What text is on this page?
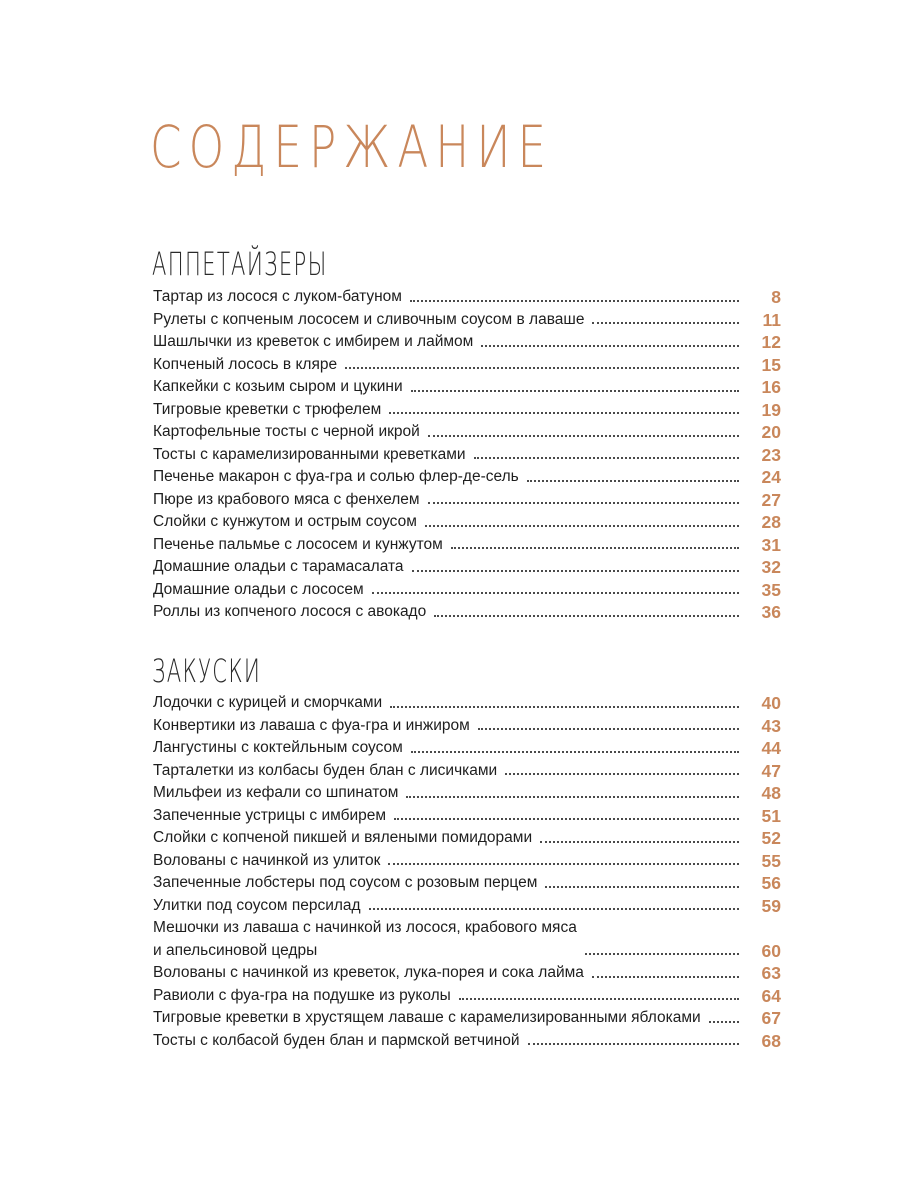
СОДЕРЖАНИЕ
АППЕТАЙЗЕРЫ
Тартар из лосося с луком-батуном	8
Рулеты с копченым лососем и сливочным соусом в лаваше	11
Шашлычки из креветок с имбирем и лаймом	12
Копченый лосось в кляре	15
Капкейки с козьим сыром и цукини	16
Тигровые креветки с трюфелем	19
Картофельные тосты с черной икрой	20
Тосты с карамелизированными креветками	23
Печенье макарон с фуа-гра и солью флер-де-сель	24
Пюре из крабового мяса с фенхелем	27
Слойки с кунжутом и острым соусом	28
Печенье пальмье с лососем и кунжутом	31
Домашние оладьи с тарамасалата	32
Домашние оладьи с лососем	35
Роллы из копченого лосося с авокадо	36
ЗАКУСКИ
Лодочки с курицей и сморчками	40
Конвертики из лаваша с фуа-гра и инжиром	43
Лангустины с коктейльным соусом	44
Тарталетки из колбасы буден блан с лисичками	47
Мильфеи из кефали со шпинатом	48
Запеченные устрицы с имбирем	51
Слойки с копченой пикшей и вялеными помидорами	52
Волованы с начинкой из улиток	55
Запеченные лобстеры под соусом с розовым перцем	56
Улитки под соусом персилад	59
Мешочки из лаваша с начинкой из лосося, крабового мяса
и апельсиновой цедры	60
Волованы с начинкой из креветок, лука-порея и сока лайма	63
Равиоли с фуа-гра на подушке из руколы	64
Тигровые креветки в хрустящем лаваше с карамелизированными яблоками	67
Тосты с колбасой буден блан и пармской ветчиной	68
